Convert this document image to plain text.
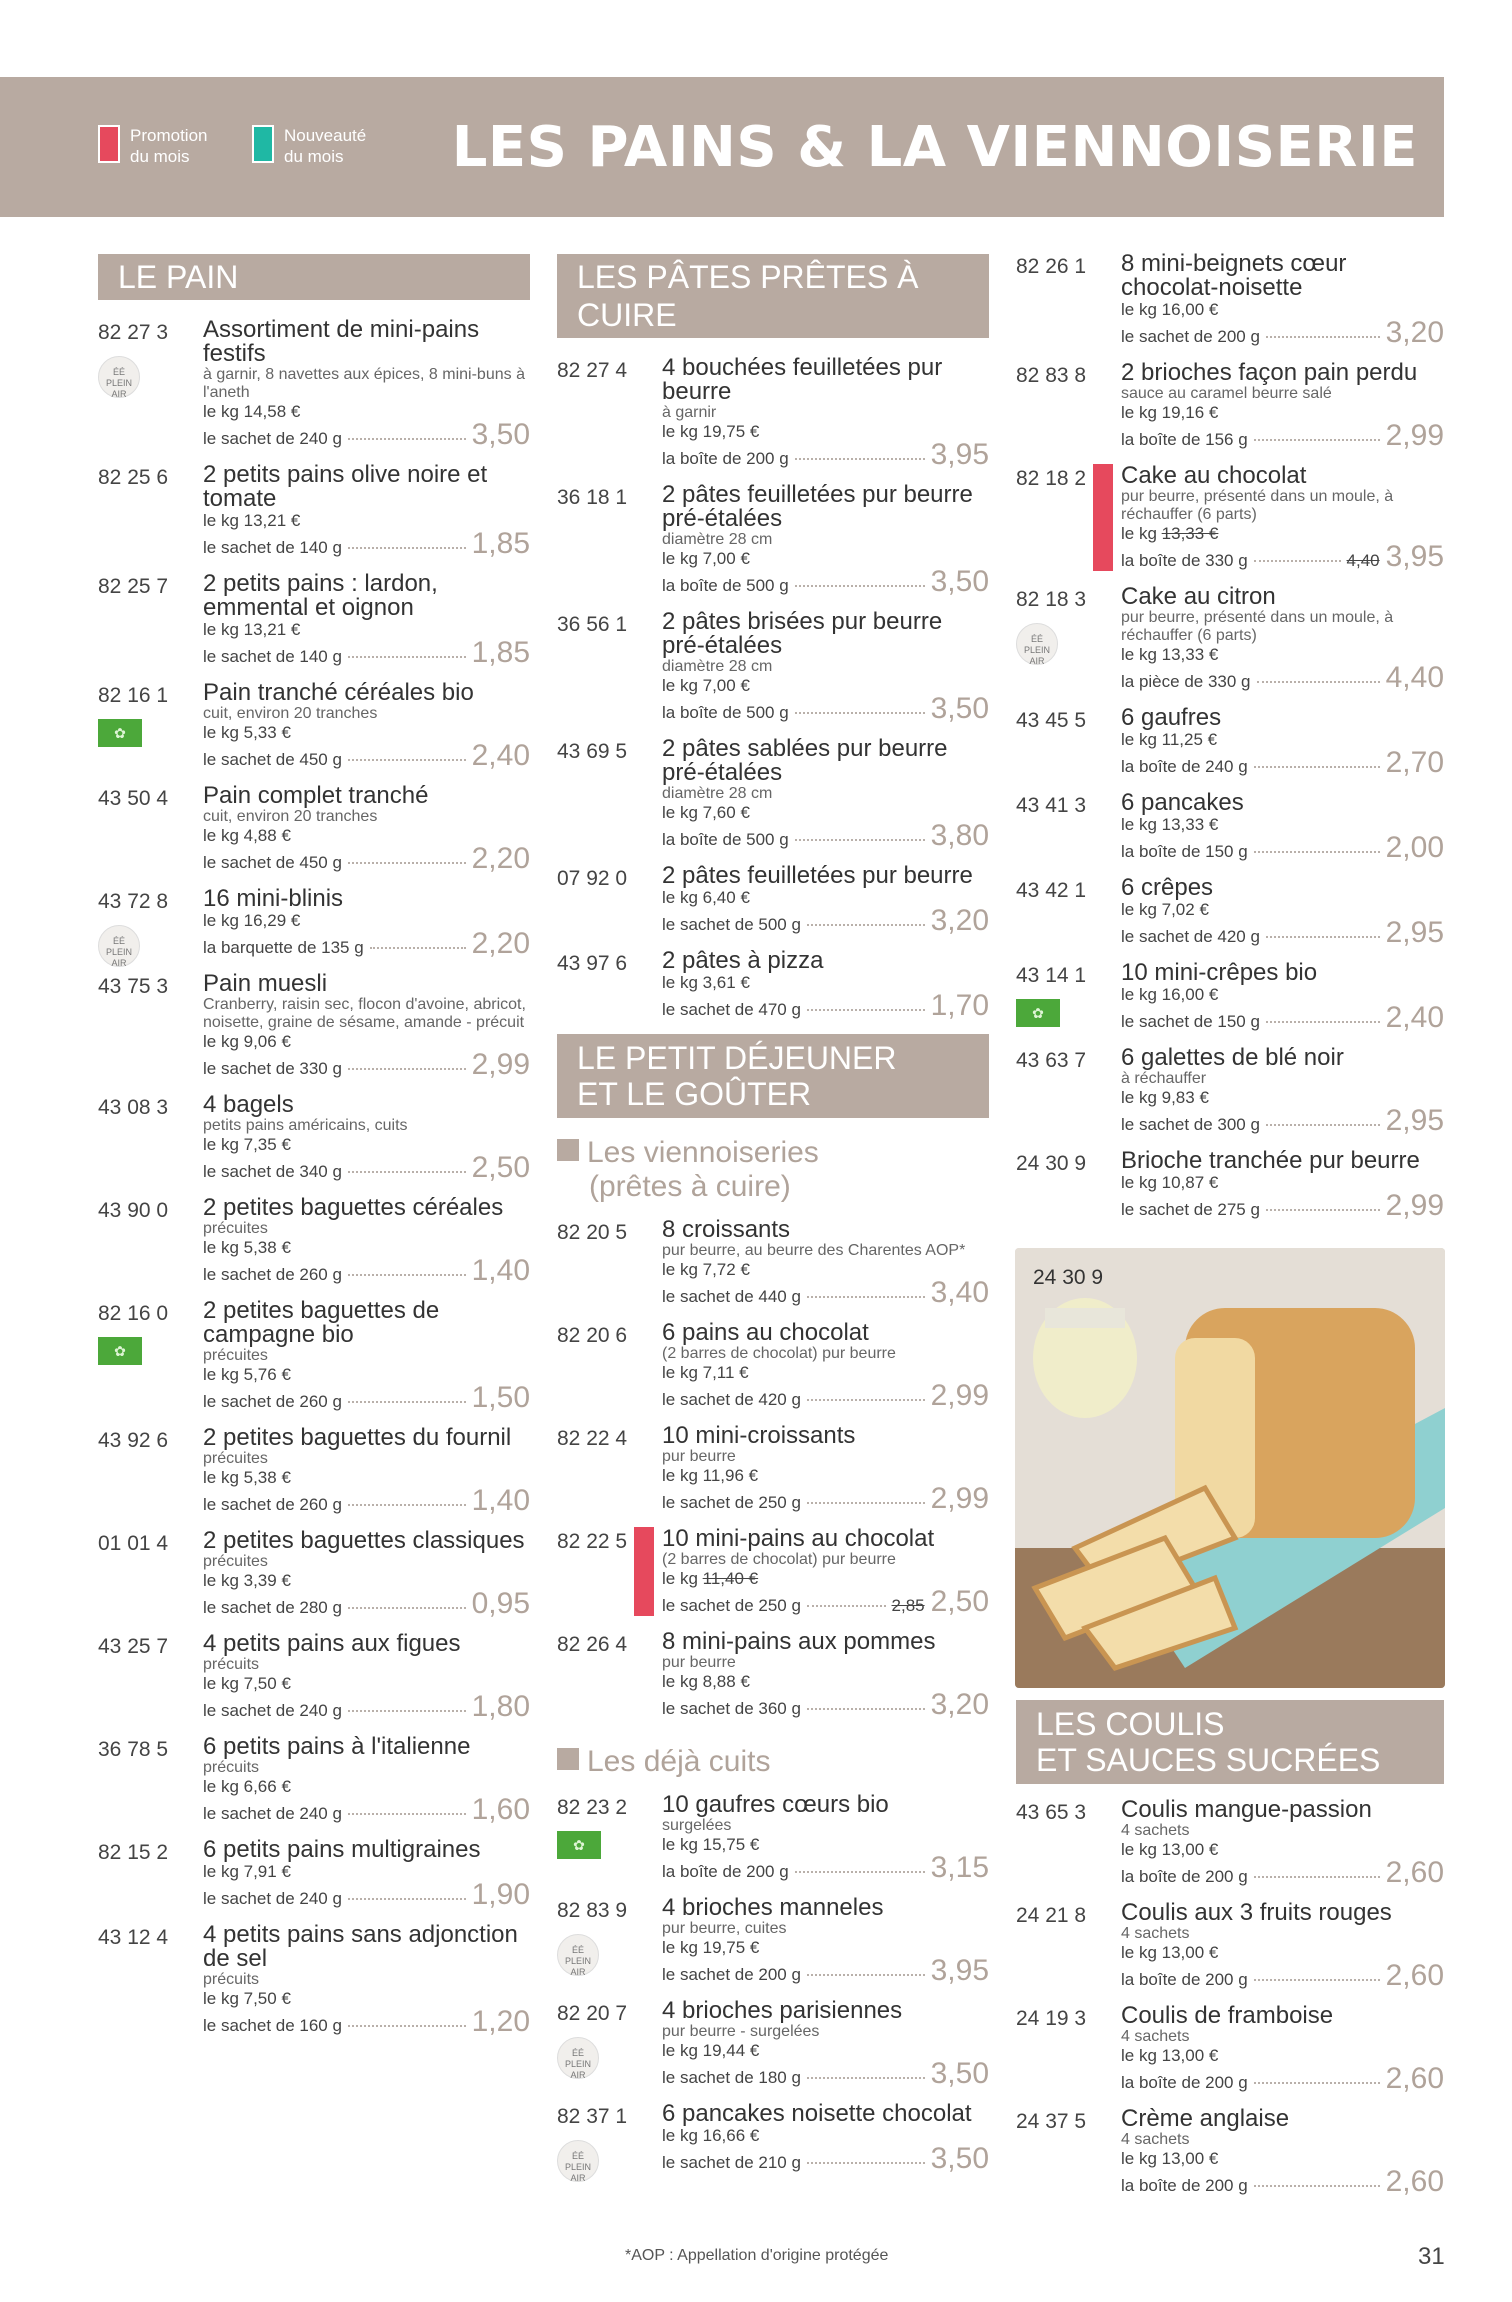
Promotion du mois
Nouveauté du mois	LES PAINS & LA VIENNOISERIE
LE PAIN
82 27 3
ÉÉ
PLEIN AIR
Assortiment de mini-pains festifs
à garnir, 8 navettes aux épices, 8 mini-buns à l'aneth
le kg 14,58 €
le sachet de 240 g	3,50
82 25 6 2 petits pains olive noire et tomate
le kg 13,21 €
le sachet de 140 g	1,85
82 25 7 2 petits pains : lardon, emmental et oignon
le kg 13,21 €
le sachet de 140 g	1,85
82 16 1
✿
Pain tranché céréales bio
cuit, environ 20 tranches
le kg 5,33 €
le sachet de 450 g	2,40
43 50 4 Pain complet tranché
cuit, environ 20 tranches
le kg 4,88 €
le sachet de 450 g	2,20
43 72 8
ÉÉ
PLEIN AIR
16 mini-blinis
le kg 16,29 €
la barquette de 135 g	2,20
43 75 3 Pain muesli
Cranberry, raisin sec, flocon d'avoine, abricot, noisette, graine de sésame, amande - précuit
le kg 9,06 €
le sachet de 330 g	2,99
43 08 3 4 bagels
petits pains américains, cuits
le kg 7,35 €
le sachet de 340 g	2,50
43 90 0 2 petites baguettes céréales
précuites
le kg 5,38 €
le sachet de 260 g	1,40
82 16 0
✿
2 petites baguettes de campagne bio
précuites
le kg 5,76 €
le sachet de 260 g	1,50
43 92 6 2 petites baguettes du fournil
précuites
le kg 5,38 €
le sachet de 260 g	1,40
01 01 4 2 petites baguettes classiques
précuites
le kg 3,39 €
le sachet de 280 g	0,95
43 25 7 4 petits pains aux figues
précuits
le kg 7,50 €
le sachet de 240 g	1,80
36 78 5 6 petits pains à l'italienne
précuits
le kg 6,66 €
le sachet de 240 g	1,60
82 15 2 6 petits pains multigraines
le kg 7,91 €
le sachet de 240 g	1,90
43 12 4 4 petits pains sans adjonction de sel
précuits
le kg 7,50 €
le sachet de 160 g	1,20
LES PÂTES PRÊTES À CUIRE
82 27 4 4 bouchées feuilletées pur beurre
à garnir
le kg 19,75 €
la boîte de 200 g	3,95
36 18 1 2 pâtes feuilletées pur beurre pré-étalées
diamètre 28 cm
le kg 7,00 €
la boîte de 500 g	3,50
36 56 1 2 pâtes brisées pur beurre pré-étalées
diamètre 28 cm
le kg 7,00 €
la boîte de 500 g	3,50
43 69 5 2 pâtes sablées pur beurre pré-étalées
diamètre 28 cm
le kg 7,60 €
la boîte de 500 g	3,80
07 92 0 2 pâtes feuilletées pur beurre
le kg 6,40 €
le sachet de 500 g	3,20
43 97 6 2 pâtes à pizza
le kg 3,61 €
le sachet de 470 g	1,70
LE PETIT DÉJEUNER
ET LE GOÛTER
Les viennoiseries
(prêtes à cuire)
82 20 5 8 croissants
pur beurre, au beurre des Charentes AOP*
le kg 7,72 €
le sachet de 440 g	3,40
82 20 6 6 pains au chocolat
(2 barres de chocolat) pur beurre
le kg 7,11 €
le sachet de 420 g	2,99
82 22 4 10 mini-croissants
pur beurre
le kg 11,96 €
le sachet de 250 g	2,99
82 22 5 10 mini-pains au chocolat
(2 barres de chocolat) pur beurre
le kg 11,40 €
le sachet de 250 g	2,85 2,50
82 26 4 8 mini-pains aux pommes
pur beurre
le kg 8,88 €
le sachet de 360 g	3,20
Les déjà cuits
82 23 2
✿
10 gaufres cœurs bio
surgelées
le kg 15,75 €
la boîte de 200 g	3,15
82 83 9
ÉÉ
PLEIN AIR
4 brioches manneles
pur beurre, cuites
le kg 19,75 €
le sachet de 200 g	3,95
82 20 7
ÉÉ
PLEIN AIR
4 brioches parisiennes
pur beurre - surgelées
le kg 19,44 €
le sachet de 180 g	3,50
82 37 1
ÉÉ
PLEIN AIR
6 pancakes noisette chocolat
le kg 16,66 €
le sachet de 210 g	3,50
82 26 1 8 mini-beignets cœur chocolat-noisette
le kg 16,00 €
le sachet de 200 g	3,20
82 83 8 2 brioches façon pain perdu
sauce au caramel beurre salé
le kg 19,16 €
la boîte de 156 g	2,99
82 18 2 Cake au chocolat
pur beurre, présenté dans un moule, à réchauffer (6 parts)
le kg 13,33 €
la boîte de 330 g	4,40 3,95
82 18 3
ÉÉ
PLEIN AIR
Cake au citron
pur beurre, présenté dans un moule, à réchauffer (6 parts)
le kg 13,33 €
la pièce de 330 g	4,40
43 45 5 6 gaufres
le kg 11,25 €
la boîte de 240 g	2,70
43 41 3 6 pancakes
le kg 13,33 €
la boîte de 150 g	2,00
43 42 1 6 crêpes
le kg 7,02 €
le sachet de 420 g	2,95
43 14 1
✿
10 mini-crêpes bio
le kg 16,00 €
le sachet de 150 g	2,40
43 63 7 6 galettes de blé noir
à réchauffer
le kg 9,83 €
le sachet de 300 g	2,95
24 30 9 Brioche tranchée pur beurre
le kg 10,87 €
le sachet de 275 g	2,99
24 30 9
LES COULIS
ET SAUCES SUCRÉES
43 65 3 Coulis mangue-passion
4 sachets
le kg 13,00 €
la boîte de 200 g	2,60
24 21 8 Coulis aux 3 fruits rouges
4 sachets
le kg 13,00 €
la boîte de 200 g	2,60
24 19 3 Coulis de framboise
4 sachets
le kg 13,00 €
la boîte de 200 g	2,60
24 37 5 Crème anglaise
4 sachets
le kg 13,00 €
la boîte de 200 g	2,60
*AOP : Appellation d'origine protégée	31
